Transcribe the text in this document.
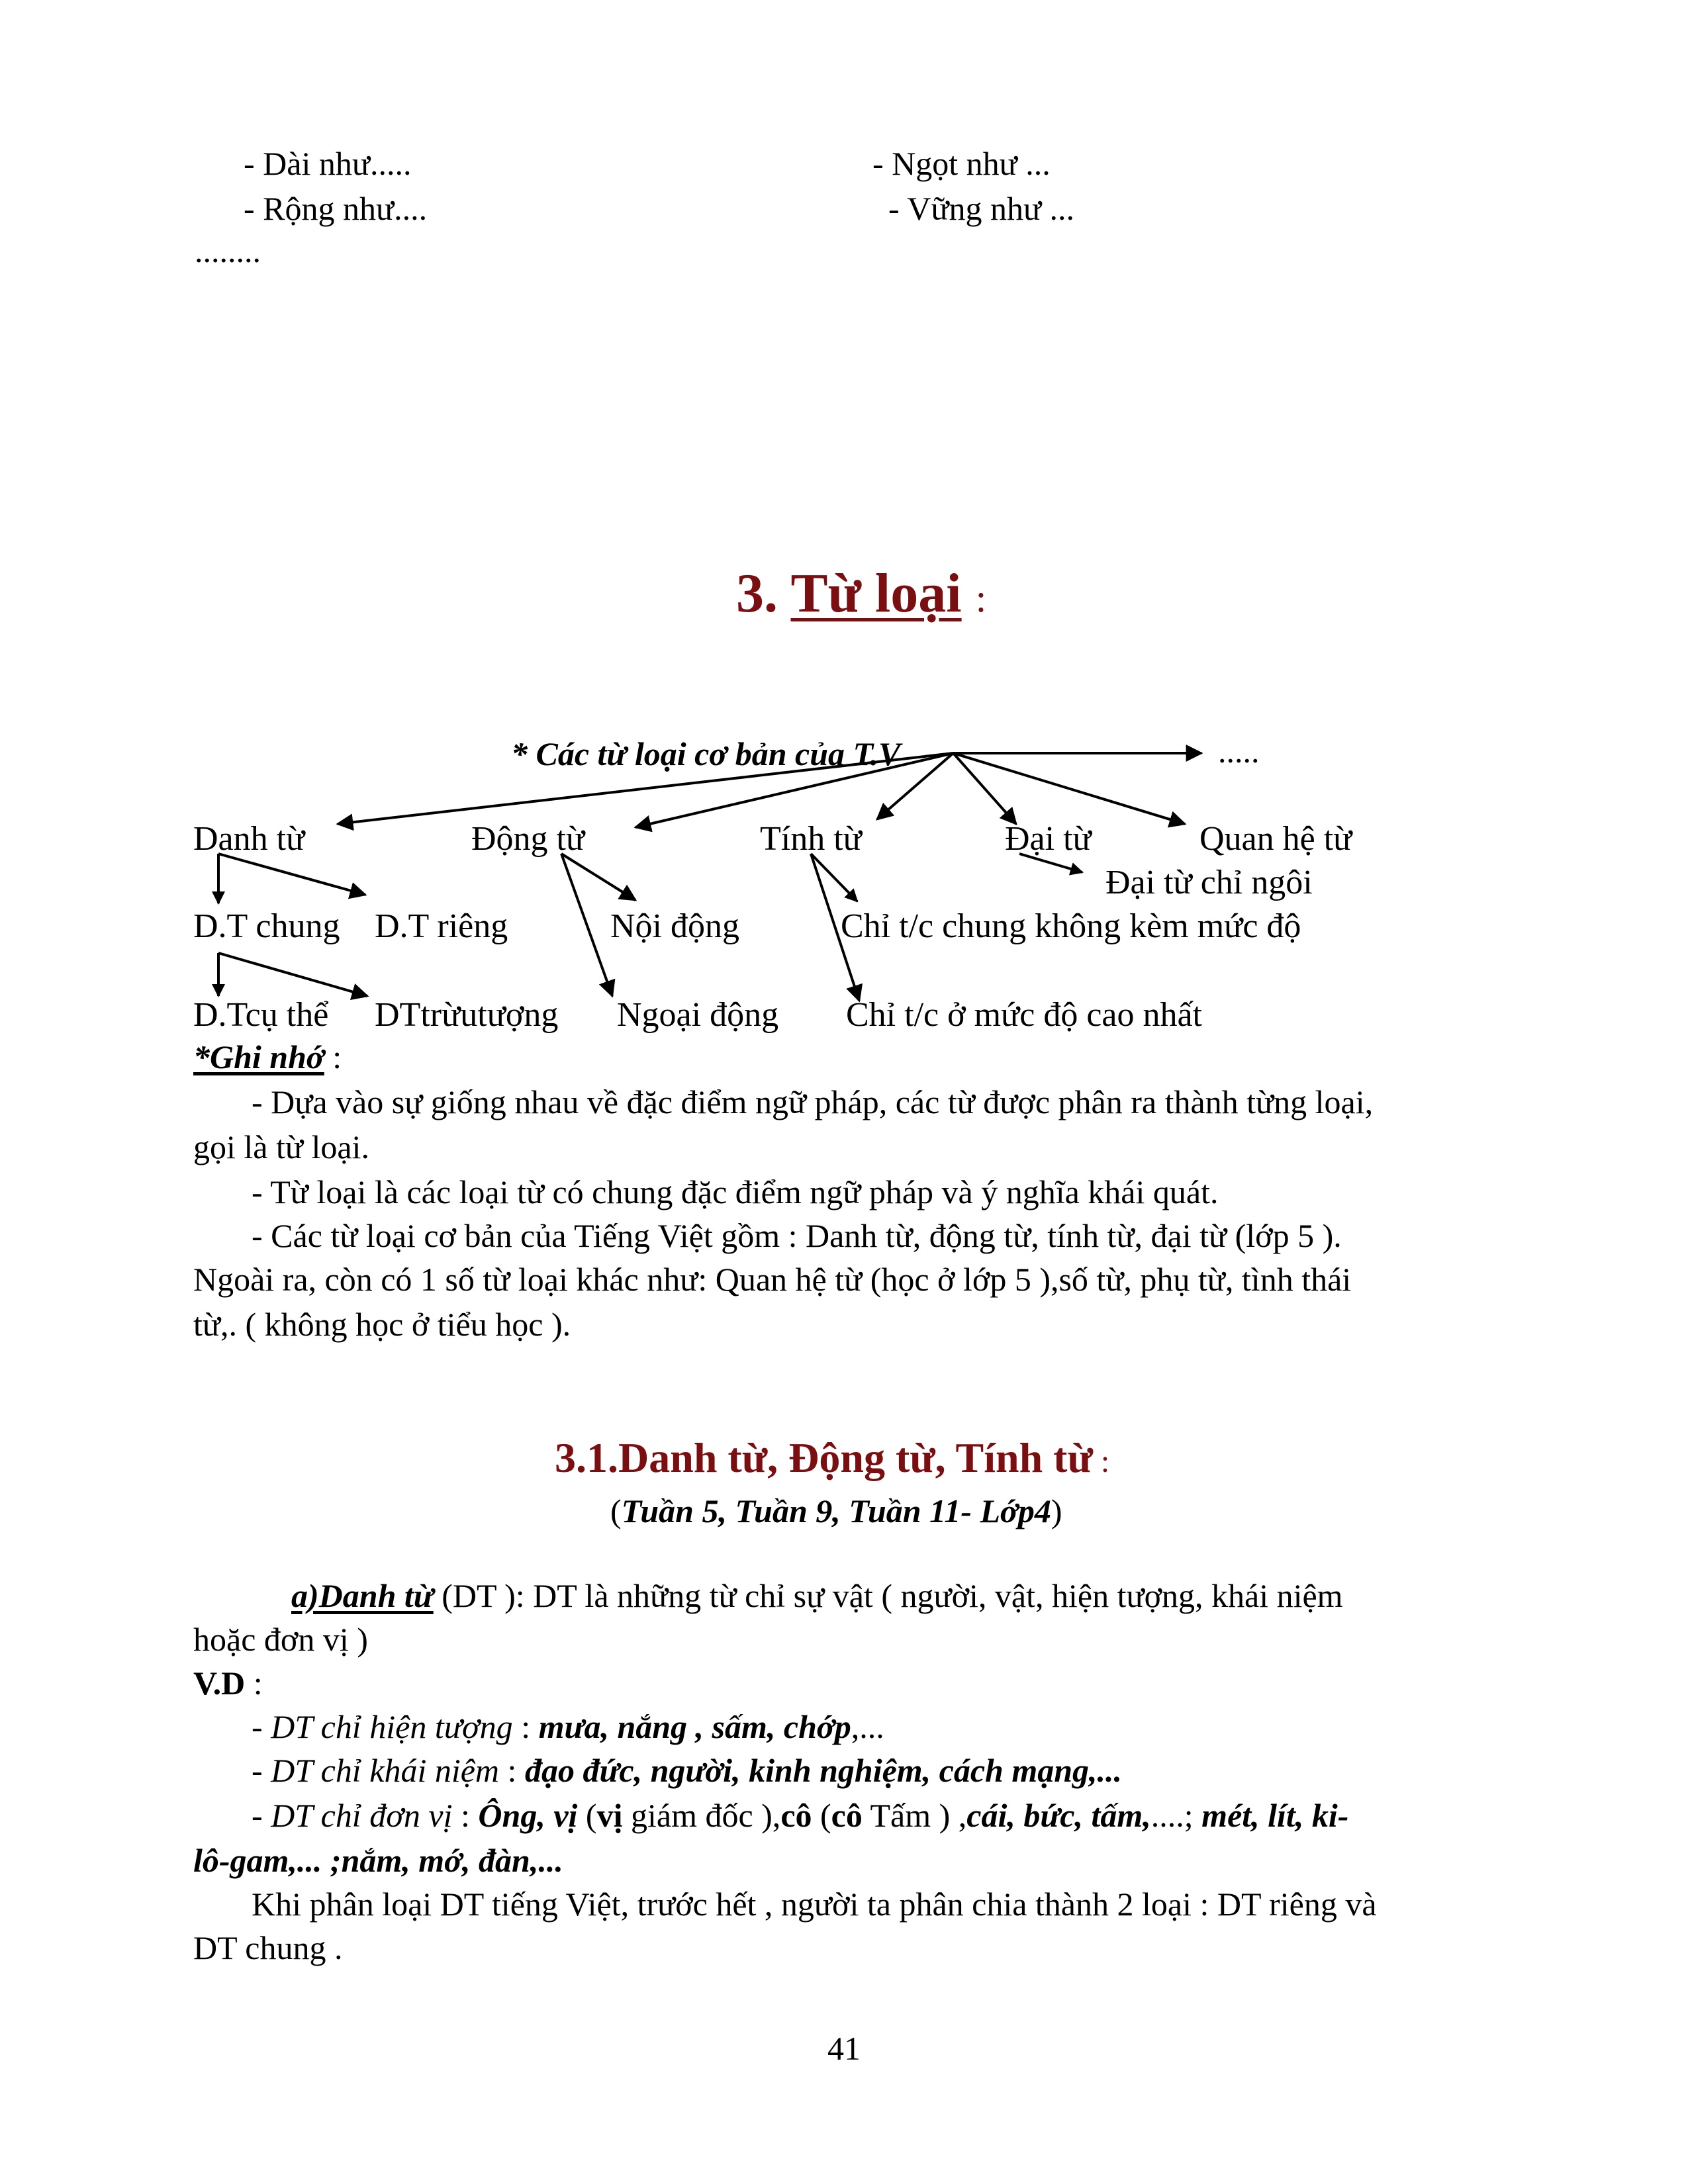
- Dài như.....
- Rộng như....
- Ngọt như ...
- Vững như ...
........
3. Từ loại :
* Các từ loại cơ bản của T.V	.....
Danh từ	Động từ	Tính từ	Đại từ	Quan hệ từ
Đại từ chỉ ngôi
D.T chung D.T riêng	Nội động	Chỉ t/c chung không kèm mức độ
D.Tcụ thể DTtrừutượng Ngoại động Chỉ t/c ở mức độ cao nhất
*Ghi nhớ :
- Dựa vào sự giống nhau về đặc điểm ngữ pháp, các từ được phân ra thành từng loại,
gọi là từ loại.
- Từ loại là các loại từ có chung đặc điểm ngữ pháp và ý nghĩa khái quát.
- Các từ loại cơ bản của Tiếng Việt gồm : Danh từ, động từ, tính từ, đại từ (lớp 5 ).
Ngoài ra, còn có 1 số từ loại khác như: Quan hệ từ (học ở lớp 5 ),số từ, phụ từ, tình thái
từ,. ( không học ở tiểu học ).
3.1.Danh từ, Động từ, Tính từ :
(Tuần 5, Tuần 9, Tuần 11- Lớp4)
a)Danh từ (DT ): DT là những từ chỉ sự vật ( người, vật, hiện tượng, khái niệm
hoặc đơn vị )
V.D :
- DT chỉ hiện tượng : mưa, nắng , sấm, chớp,...
- DT chỉ khái niệm : đạo đức, người, kinh nghiệm, cách mạng,...
- DT chỉ đơn vị : Ông, vị (vị giám đốc ),cô (cô Tấm ) ,cái, bức, tấm,....; mét, lít, ki-
lô-gam,... ;nắm, mớ, đàn,...
Khi phân loại DT tiếng Việt, trước hết , người ta phân chia thành 2 loại : DT riêng và
DT chung .
41
